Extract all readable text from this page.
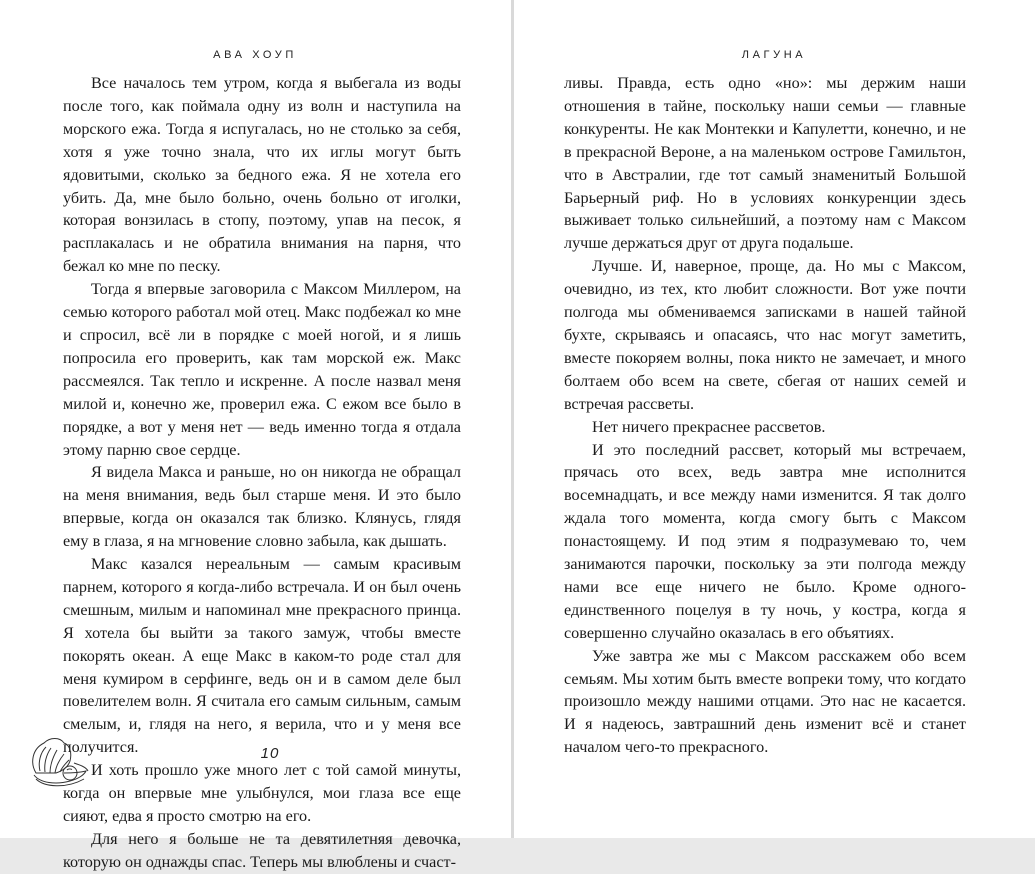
АВА ХОУП

Все началось тем утром, когда я выбегала из воды после того, как поймала одну из волн и наступила на морского ежа. Тогда я испугалась, но не столько за себя, хотя я уже точно знала, что их иглы могут быть ядовитыми, сколько за бедного ежа. Я не хотела его убить. Да, мне было больно, очень больно от иголки, которая вонзилась в стопу, поэтому, упав на песок, я расплакалась и не обратила внимания на парня, что бежал ко мне по песку.

Тогда я впервые заговорила с Максом Миллером, на семью которого работал мой отец. Макс подбежал ко мне и спросил, всё ли в порядке с моей ногой, и я лишь попросила его проверить, как там морской еж. Макс рассмеялся. Так тепло и искренне. А после назвал меня милой и, конечно же, проверил ежа. С ежом все было в порядке, а вот у меня нет — ведь именно тогда я отдала этому парню свое сердце.

Я видела Макса и раньше, но он никогда не обращал на меня внимания, ведь был старше меня. И это было впервые, когда он оказался так близко. Клянусь, глядя ему в глаза, я на мгновение словно забыла, как дышать.

Макс казался нереальным — самым красивым парнем, которого я когда-либо встречала. И он был очень смешным, милым и напоминал мне прекрасного принца. Я хотела бы выйти за такого замуж, чтобы вместе покорять океан. А еще Макс в каком-то роде стал для меня кумиром в серфинге, ведь он и в самом деле был повелителем волн. Я считала его самым сильным, самым смелым, и, глядя на него, я верила, что и у меня все получится.

И хоть прошло уже много лет с той самой минуты, когда он впервые мне улыбнулся, мои глаза все еще сияют, едва я просто смотрю на его.

Для него я больше не та девятилетняя девочка, которую он однажды спас. Теперь мы влюблены и счаст-

10
ЛАГУНА

ливы. Правда, есть одно «но»: мы держим наши отношения в тайне, поскольку наши семьи — главные конкуренты. Не как Монтекки и Капулетти, конечно, и не в прекрасной Вероне, а на маленьком острове Гамильтон, что в Австралии, где тот самый знаменитый Большой Барьерный риф. Но в условиях конкуренции здесь выживает только сильнейший, а поэтому нам с Максом лучше держаться друг от друга подальше.

Лучше. И, наверное, проще, да. Но мы с Максом, очевидно, из тех, кто любит сложности. Вот уже почти полгода мы обмениваемся записками в нашей тайной бухте, скрываясь и опасаясь, что нас могут заметить, вместе покоряем волны, пока никто не замечает, и много болтаем обо всем на свете, сбегая от наших семей и встречая рассветы.

Нет ничего прекраснее рассветов.

И это последний рассвет, который мы встречаем, прячась ото всех, ведь завтра мне исполнится восемнадцать, и все между нами изменится. Я так долго ждала того момента, когда смогу быть с Максом понастоящему. И под этим я подразумеваю то, чем занимаются парочки, поскольку за эти полгода между нами все еще ничего не было. Кроме одного-единственного поцелуя в ту ночь, у костра, когда я совершенно случайно оказалась в его объятиях.

Уже завтра же мы с Максом расскажем обо всем семьям. Мы хотим быть вместе вопреки тому, что когдато произошло между нашими отцами. Это нас не касается. И я надеюсь, завтрашний день изменит всё и станет началом чего-то прекрасного.
